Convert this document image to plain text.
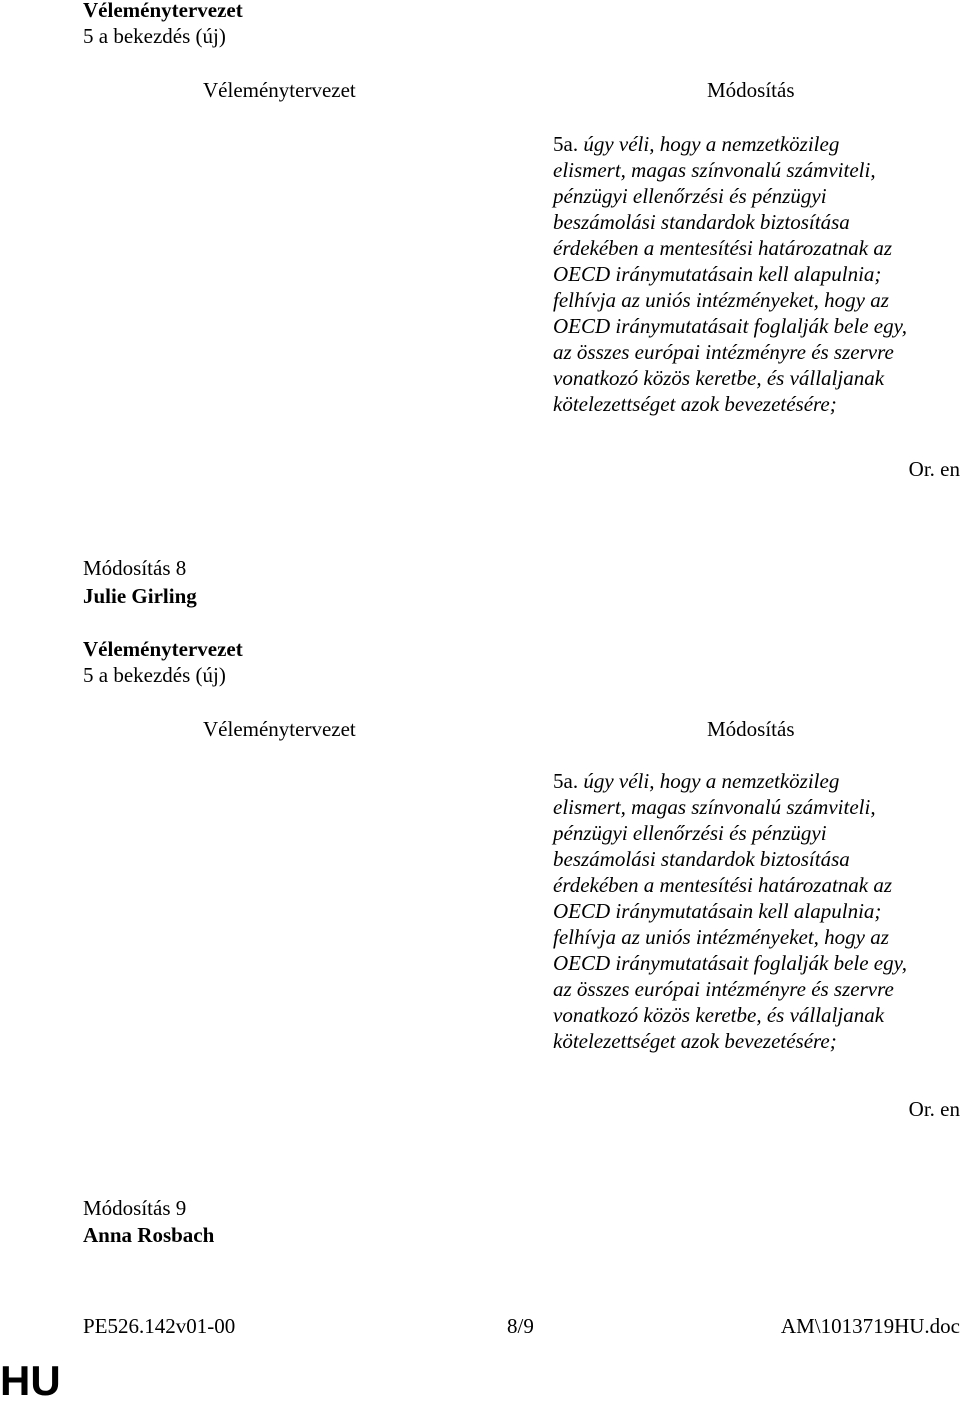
Véleménytervezet
5 a bekezdés (új)
Véleménytervezet	Módosítás
5a. úgy véli, hogy a nemzetközileg
elismert, magas színvonalú számviteli,
pénzügyi ellenőrzési és pénzügyi
beszámolási standardok biztosítása
érdekében a mentesítési határozatnak az
OECD iránymutatásain kell alapulnia;
felhívja az uniós intézményeket, hogy az
OECD iránymutatásait foglalják bele egy,
az összes európai intézményre és szervre
vonatkozó közös keretbe, és vállaljanak
kötelezettséget azok bevezetésére;
Or. en
Módosítás 8
Julie Girling
Véleménytervezet
5 a bekezdés (új)
Véleménytervezet	Módosítás
5a. úgy véli, hogy a nemzetközileg
elismert, magas színvonalú számviteli,
pénzügyi ellenőrzési és pénzügyi
beszámolási standardok biztosítása
érdekében a mentesítési határozatnak az
OECD iránymutatásain kell alapulnia;
felhívja az uniós intézményeket, hogy az
OECD iránymutatásait foglalják bele egy,
az összes európai intézményre és szervre
vonatkozó közös keretbe, és vállaljanak
kötelezettséget azok bevezetésére;
Or. en
Módosítás 9
Anna Rosbach
PE526.142v01-00	8/9	AM\1013719HU.doc
HU
